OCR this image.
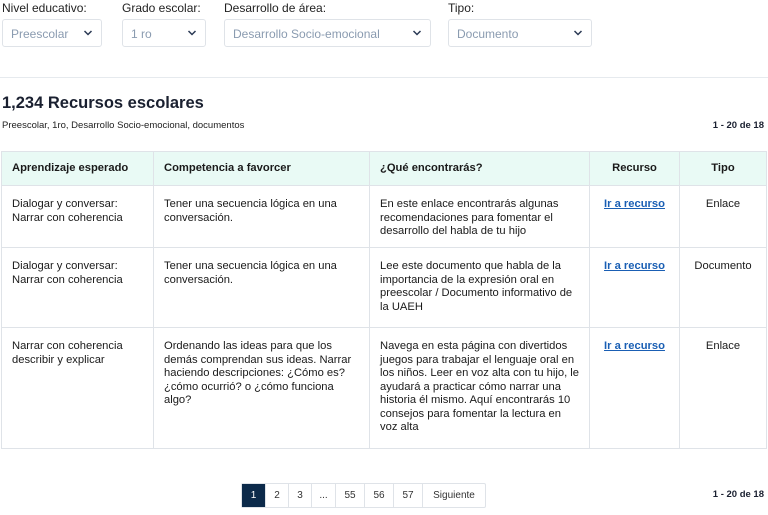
Nivel educativo:
Preescolar
Grado escolar:
1 ro
Desarrollo de área:
Desarrollo Socio-emocional
Tipo:
Documento
1,234 Recursos escolares
Preescolar, 1ro, Desarrollo Socio-emocional, documentos	1 - 20 de 18
Aprendizaje esperado	Competencia a favorcer	¿Qué encontrarás?	Recurso	Tipo
Dialogar y conversar: Narrar con coherencia	Tener una secuencia lógica en una conversación.	En este enlace encontrarás algunas recomendaciones para fomentar el desarrollo del habla de tu hijo	Ir a recurso	Enlace
Dialogar y conversar: Narrar con coherencia	Tener una secuencia lógica en una conversación.	Lee este documento que habla de la importancia de la expresión oral en preescolar / Documento informativo de la UAEH	Ir a recurso	Documento
Narrar con coherencia describir y explicar	Ordenando las ideas para que los demás comprendan sus ideas. Narrar haciendo descripciones: ¿Cómo es? ¿cómo ocurrió? o ¿cómo funciona algo?	Navega en esta página con divertidos juegos para trabajar el lenguaje oral en los niños. Leer en voz alta con tu hijo, le ayudará a practicar cómo narrar una historia él mismo. Aquí encontrarás 10 consejos para fomentar la lectura en voz alta	Ir a recurso	Enlace
1	2	3	...	55	56	57	Siguiente	1 - 20 de 18
